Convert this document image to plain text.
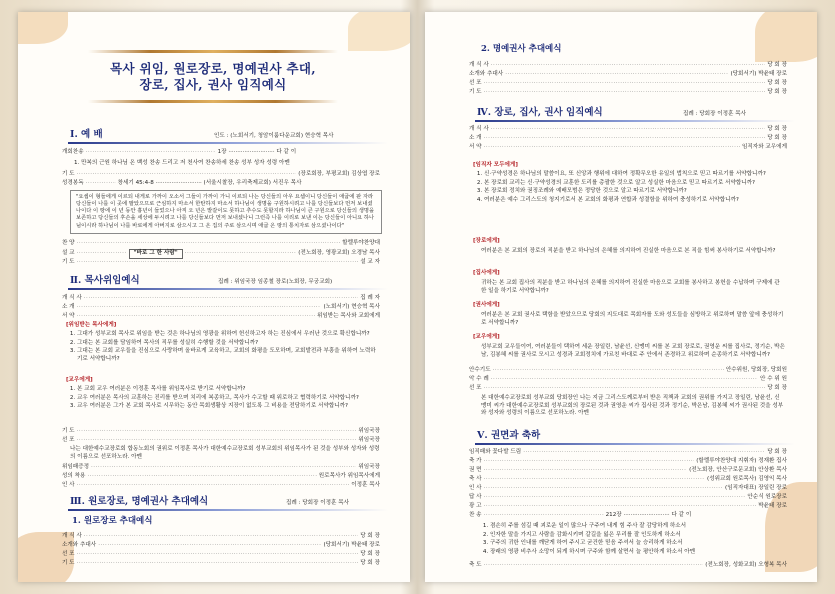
목사 위임, 원로장로, 명예권사 추대,
장로, 집사, 권사 임직예식
Ⅰ. 예 배	인도 : (노회서기, 청암이룸다운교회) 현승혁 목사
개회찬송 ·····	1장 ·························· 다 같 이
1. 만복의 근원 하나님 온 백성 찬송 드리고 저 천사여 찬송하세 찬송 성부 성자 성령 아멘
기 도 ·····	(장로회장, 부평교회) 김상엽 장로
성경봉독 ·····	창세기 45:4-8 ·························· (서울시찰장, 우리축제교회) 서진우 목사
"요셉이 형들에게 이르되 내게로 가까이 오소서 그들이 가까이 가니 이르되 나는 당신들의 아우 요셉이니 당신들이 애굽에 판 자라 당신들이 나를 이 곳에 팔았으므로 근심하지 마소서 한탄하지 마소서 하나님이 생명을 구원하시려고 나를 당신들보다 먼저 보내셨나이다 이 땅에 이 년 동안 흉년이 들었으나 아직 오 년은 밭갈이도 못하고 추수도 못할지라 하나님이 큰 구원으로 당신들의 생명을 보존하고 당신들의 후손을 세상에 두시려고 나를 당신들보다 먼저 보내셨나니 그런즉 나를 이리로 보낸 이는 당신들이 아니요 하나님이시라 하나님이 나를 바로에게 아버지로 삼으시고 그 온 집의 주로 삼으시며 애굽 온 땅의 통치자로 삼으셨나이다"
찬 양 ·····	할렐루야찬양대
설 교 ·····	"바로 그 한 사람" ·····	(전노회장, 영광교회) 오경남 목사
기 도 ·····	설 교 자
Ⅱ. 목사위임예식	집례 : 위임국장 임종철 장로(노회장, 무궁교회)
개 식 사 ·····	집 례 자
소 개 ·····	(노회서기) 현승혁 목사
서 약 ·····	위임받는 목사와 교회에게
[위임받는 목사에게]
1. 그대가 성부교회 목사로 위임을 받는 것은 하나님의 영광을 위하여 헌신하고자 하는 진심에서 우러난 것으로 확신합니까?
2. 그대는 본 교회를 담임하여 목사의 직무를 성실히 수행할 것을 서약합니까?
3. 그대는 본 교회 교우들을 진심으로 사랑하며 올바르게 교육하고, 교회의 화평을 도모하며, 교회발전과 부흥을 위하여 노력하기로 서약합니까?
[교우에게]
1. 본 교회 교우 여러분은 이정훈 목사를 위임목사로 받기로 서약합니까?
2. 교우 여러분은 목사의 교훈하는 진리를 받으며 치리에 복종하고, 목사가 수고할 때 위로하고 협력하기로 서약합니까?
3. 교우 여러분은 그가 본 교회 목사로 시무하는 동안 목회생활상 지장이 없도록 그 비용을 전담하기로 서약합니까?
기 도 ·····	위임국장
선 포 ·····	위임국장
나는 대한예수교장로회 합동노회의 권위로 이정훈 목사가 대한예수교장로회 성부교회의 위임목사가 된 것을 성부와 성자와 성령의 이름으로 선포하노라. 아멘
위임패증정 ·····	위임국장
성의 착용 ·····	원로목사가 위임목사에게
인 사 ·····	이정훈 목사
Ⅲ. 원로장로, 명예권사 추대예식	집례 : 당회장 이정훈 목사
1. 원로장로 추대예식
개 식 사 ·····	당 회 장
소개와 추대사 ·····	(당회서기) 박윤태 장로
선 포 ·····	당 회 장
기 도 ·····	당 회 장
2. 명예권사 추대예식
개 식 사 ·····	당 회 장
소개와 추대사 ·····	(당회서기) 박윤태 장로
선 포 ·····	당 회 장
기 도 ·····	당 회 장
Ⅳ. 장로, 집사, 권사 임직예식	집례 : 당회장 이정훈 목사
개 식 사 ·····	당 회 장
소 개 ·····	당 회 장
서 약 ·····	임직자와 교우에게
[임직자 모두에게]
1. 신·구약성경은 하나님의 말씀이요, 또 신앙과 행위에 대하여 정확무오한 유일의 법칙으로 믿고 따르기를 서약합니까?
2. 본 장로회 교리는 신·구약성경의 교훈한 도리를 총괄한 것으로 알고 성실한 마음으로 믿고 따르기로 서약합니까?
3. 본 장로회 정치와 권징조례와 예배모범은 정당한 것으로 알고 따르기로 서약합니까?
4. 여러분은 예수 그리스도의 청지기로서 본 교회의 화평과 연합과 성결함을 위하여 충성하기로 서약합니까?
[장로에게]
여러분은 본 교회의 장로의 직분을 받고 하나님의 은혜를 의지하여 진실한 마음으로 본 직을 힘써 봉사하기로 서약합니까?
[집사에게]
귀하는 본 교회 집사의 직분을 받고 하나님의 은혜를 의지하여 진실한 마음으로 교회를 봉사하고 봉헌을 수납하며 구제에 관한 일을 하기로 서약합니까?
[권사에게]
여러분은 본 교회 권사로 택함을 받았으므로 당회의 지도대로 목회자를 도와 성도들을 심방하고 위로하며 말씀 앞에 충성하기로 서약합니까?
[교우에게]
성부교회 교우들이여, 여러분들이 택하여 세운 장일린, 남윤선, 신맹미 씨를 본 교회 장로로, 권영운 씨를 집사로, 정기순, 박은남, 김봉혜 씨를 권사로 모시고 성경과 교회정치에 가르친 바대로 주 안에서 존경하고 위로하며 순종하기로 서약합니까?
안수기도 ·····	안수위원, 당회장, 당회원
악 수 례 ·····	안 수 위 원
선 포 ·····	당 회 장
본 대한예수교장로회 성부교회 당회장인 나는 지금 그리스도께로부터 받은 직책과 교회의 권위를 가지고 장일린, 남윤선, 신맹미 씨가 대한예수교장로회 성부교회의 장로된 것과 권영운 씨가 집사된 것과 정기순, 박은남, 김봉혜 씨가 권사된 것을 성부와 성자와 성령의 이름으로 선포하노라. 아멘
Ⅴ. 권면과 축하
임직패와 꽃다발 드림 ·····	당 회 장
축 가 ·····	(할렐루야찬양대 지휘자) 정재환 집사
권 면 ·····	(전노회장, 안산구로문교회) 안상환 목사
축 사 ·····	(성위교회 원로목사) 김영익 목사
인 사 ·····	(임직자대표) 장일린 장로
답 사 ·····	안순식 원로장로
광 고 ·····	박윤태 장로
찬 송 ·····	212장 ·························· 다 같 이
1. 겸손히 주를 섬길 때 괴로운 일이 많으나 구주여 내게 힘 주사 잘 감당하게 하소서
2. 인자한 말을 가지고 사람을 감화시키며 갈길을 잃은 무리를 잘 인도하게 하소서
3. 구주의 귀한 인내를 깨닫게 하여 주시고 굳건한 믿음 주셔서 늘 승리하게 하소서
4. 장래의 영광 비추사 소망이 되게 하시며 구주와 함께 살면서 늘 평안하게 하소서 아멘
축 도 ·····	(전노회장, 성화교회) 오형복 목사
